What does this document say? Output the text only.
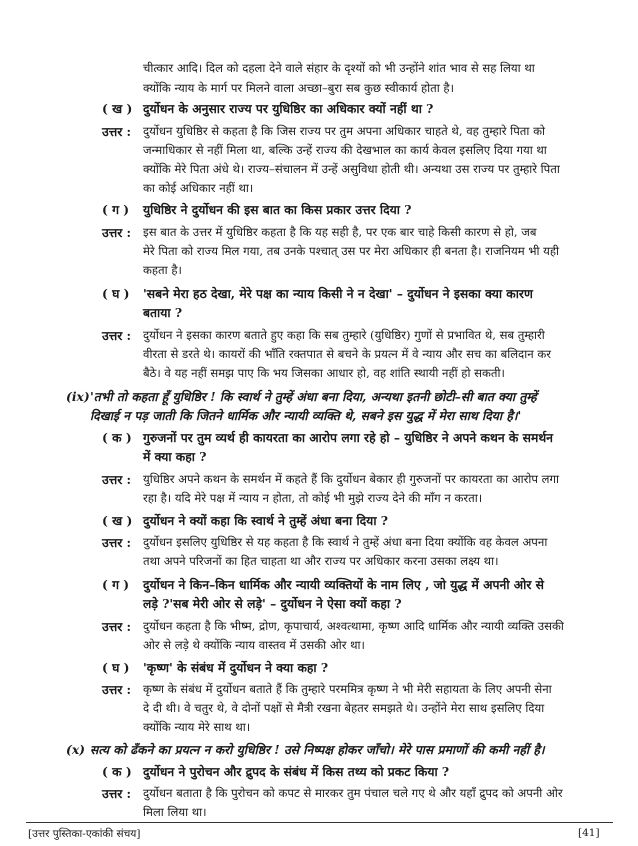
चीत्कार आदि। दिल को दहला देने वाले संहार के दृश्यों को भी उन्होंने शांत भाव से सह लिया था
क्योंकि न्याय के मार्ग पर मिलने वाला अच्छा–बुरा सब कुछ स्वीकार्य होता है।
( ख ) दुर्योधन के अनुसार राज्य पर युधिष्ठिर का अधिकार क्यों नहीं था ?
उत्तर : दुर्योधन युधिष्ठिर से कहता है कि जिस राज्य पर तुम अपना अधिकार चाहते थे, वह तुम्हारे पिता को
जन्माधिकार से नहीं मिला था, बल्कि उन्हें राज्य की देखभाल का कार्य केवल इसलिए दिया गया था
क्योंकि मेरे पिता अंधे थे। राज्य–संचालन में उन्हें असुविधा होती थी। अन्यथा उस राज्य पर तुम्हारे पिता
का कोई अधिकार नहीं था।
( ग ) युधिष्ठिर ने दुर्योधन की इस बात का किस प्रकार उत्तर दिया ?
उत्तर : इस बात के उत्तर में युधिष्ठिर कहता है कि यह सही है, पर एक बार चाहे किसी कारण से हो, जब
मेरे पिता को राज्य मिल गया, तब उनके पश्चात् उस पर मेरा अधिकार ही बनता है। राजनियम भी यही
कहता है।
( घ ) 'सबने मेरा हठ देखा, मेरे पक्ष का न्याय किसी ने न देखा' – दुर्योधन ने इसका क्या कारण
बताया ?
उत्तर : दुर्योधन ने इसका कारण बताते हुए कहा कि सब तुम्हारे (युधिष्ठिर) गुणों से प्रभावित थे, सब तुम्हारी
वीरता से डरते थे। कायरों की भाँति रक्तपात से बचने के प्रयत्न में वे न्याय और सच का बलिदान कर
बैठे। वे यह नहीं समझ पाए कि भय जिसका आधार हो, वह शांति स्थायी नहीं हो सकती।
(ix) 'तभी तो कहता हूँ युधिष्ठिर ! कि स्वार्थ ने तुम्हें अंधा बना दिया, अन्यथा इतनी छोटी–सी बात क्या तुम्हें
दिखाई न पड़ जाती कि जितने धार्मिक और न्यायी व्यक्ति थे, सबने इस युद्ध में मेरा साथ दिया है।'
( क ) गुरुजनों पर तुम व्यर्थ ही कायरता का आरोप लगा रहे हो – युधिष्ठिर ने अपने कथन के समर्थन
में क्या कहा ?
उत्तर : युधिष्ठिर अपने कथन के समर्थन में कहते हैं कि दुर्योधन बेकार ही गुरुजनों पर कायरता का आरोप लगा
रहा है। यदि मेरे पक्ष में न्याय न होता, तो कोई भी मुझे राज्य देने की माँग न करता।
( ख ) दुर्योधन ने क्यों कहा कि स्वार्थ ने तुम्हें अंधा बना दिया ?
उत्तर : दुर्योधन इसलिए युधिष्ठिर से यह कहता है कि स्वार्थ ने तुम्हें अंधा बना दिया क्योंकि वह केवल अपना
तथा अपने परिजनों का हित चाहता था और राज्य पर अधिकार करना उसका लक्ष्य था।
( ग ) दुर्योधन ने किन–किन धार्मिक और न्यायी व्यक्तियों के नाम लिए , जो युद्ध में अपनी ओर से
लड़े ?'सब मेरी ओर से लड़े' – दुर्योधन ने ऐसा क्यों कहा ?
उत्तर : दुर्योधन कहता है कि भीष्म, द्रोण, कृपाचार्य, अश्वत्थामा, कृष्ण आदि धार्मिक और न्यायी व्यक्ति उसकी
ओर से लड़े थे क्योंकि न्याय वास्तव में उसकी ओर था।
( घ ) 'कृष्ण' के संबंध में दुर्योधन ने क्या कहा ?
उत्तर : कृष्ण के संबंध में दुर्योधन बताते हैं कि तुम्हारे परममित्र कृष्ण ने भी मेरी सहायता के लिए अपनी सेना
दे दी थी। वे चतुर थे, वे दोनों पक्षों से मैत्री रखना बेहतर समझते थे। उन्होंने मेरा साथ इसलिए दिया
क्योंकि न्याय मेरे साथ था।
(x) सत्य को ढँकने का प्रयत्न न करो युधिष्ठिर ! उसे निष्पक्ष होकर जाँचो। मेरे पास प्रमाणों की कमी नहीं है।
( क ) दुर्योधन ने पुरोचन और द्रुपद के संबंध में किस तथ्य को प्रकट किया ?
उत्तर : दुर्योधन बताता है कि पुरोचन को कपट से मारकर तुम पंचाल चले गए थे और यहाँ द्रुपद को अपनी ओर
मिला लिया था।
[उत्तर पुस्तिका-एकांकी संचय]	[41]
